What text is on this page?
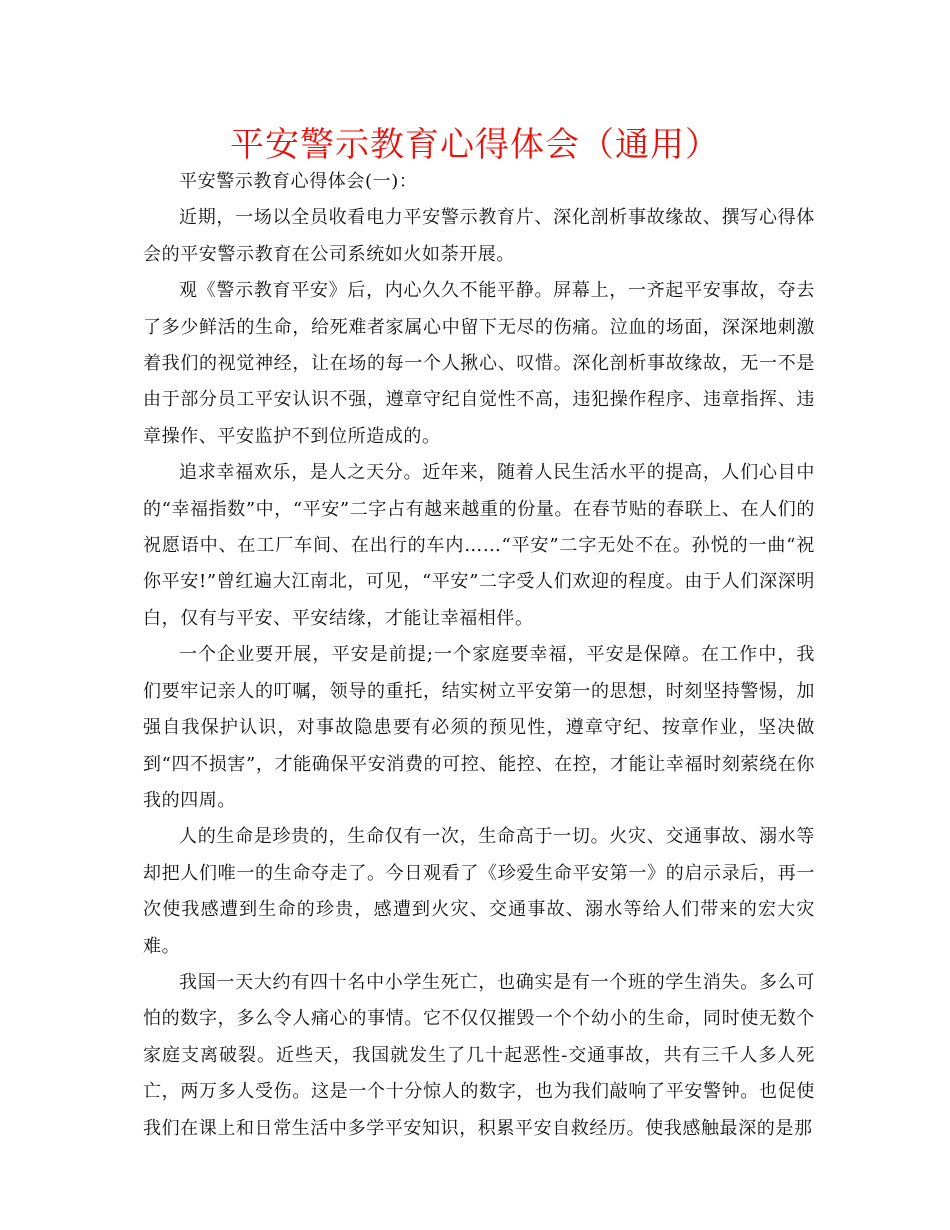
平安警示教育心得体会（通用）

平安警示教育心得体会(一)：

近期，一场以全员收看电力平安警示教育片、深化剖析事故缘故、撰写心得体会的平安警示教育在公司系统如火如荼开展。

观《警示教育平安》后，内心久久不能平静。屏幕上，一齐起平安事故，夺去了多少鲜活的生命，给死难者家属心中留下无尽的伤痛。泣血的场面，深深地刺激着我们的视觉神经，让在场的每一个人揪心、叹惜。深化剖析事故缘故，无一不是由于部分员工平安认识不强，遵章守纪自觉性不高，违犯操作程序、违章指挥、违章操作、平安监护不到位所造成的。

追求幸福欢乐，是人之天分。近年来，随着人民生活水平的提高，人们心目中的“幸福指数”中，“平安”二字占有越来越重的份量。在春节贴的春联上、在人们的祝愿语中、在工厂车间、在出行的车内……“平安”二字无处不在。孙悦的一曲“祝你平安!”曾红遍大江南北，可见，“平安”二字受人们欢迎的程度。由于人们深深明白，仅有与平安、平安结缘，才能让幸福相伴。

一个企业要开展，平安是前提;一个家庭要幸福，平安是保障。在工作中，我们要牢记亲人的叮嘱，领导的重托，结实树立平安第一的思想，时刻坚持警惕，加强自我保护认识，对事故隐患要有必须的预见性，遵章守纪、按章作业，坚决做到“四不损害”，才能确保平安消费的可控、能控、在控，才能让幸福时刻萦绕在你我的四周。

人的生命是珍贵的，生命仅有一次，生命高于一切。火灾、交通事故、溺水等却把人们唯一的生命夺走了。今日观看了《珍爱生命平安第一》的启示录后，再一次使我感遭到生命的珍贵，感遭到火灾、交通事故、溺水等给人们带来的宏大灾难。

我国一天大约有四十名中小学生死亡，也确实是有一个班的学生消失。多么可怕的数字，多么令人痛心的事情。它不仅仅摧毁一个个幼小的生命，同时使无数个家庭支离破裂。近些天，我国就发生了几十起恶性-交通事故，共有三千人多人死亡，两万多人受伤。这是一个十分惊人的数字，也为我们敲响了平安警钟。也促使我们在课上和日常生活中多学平安知识，积累平安自救经历。使我感触最深的是那
